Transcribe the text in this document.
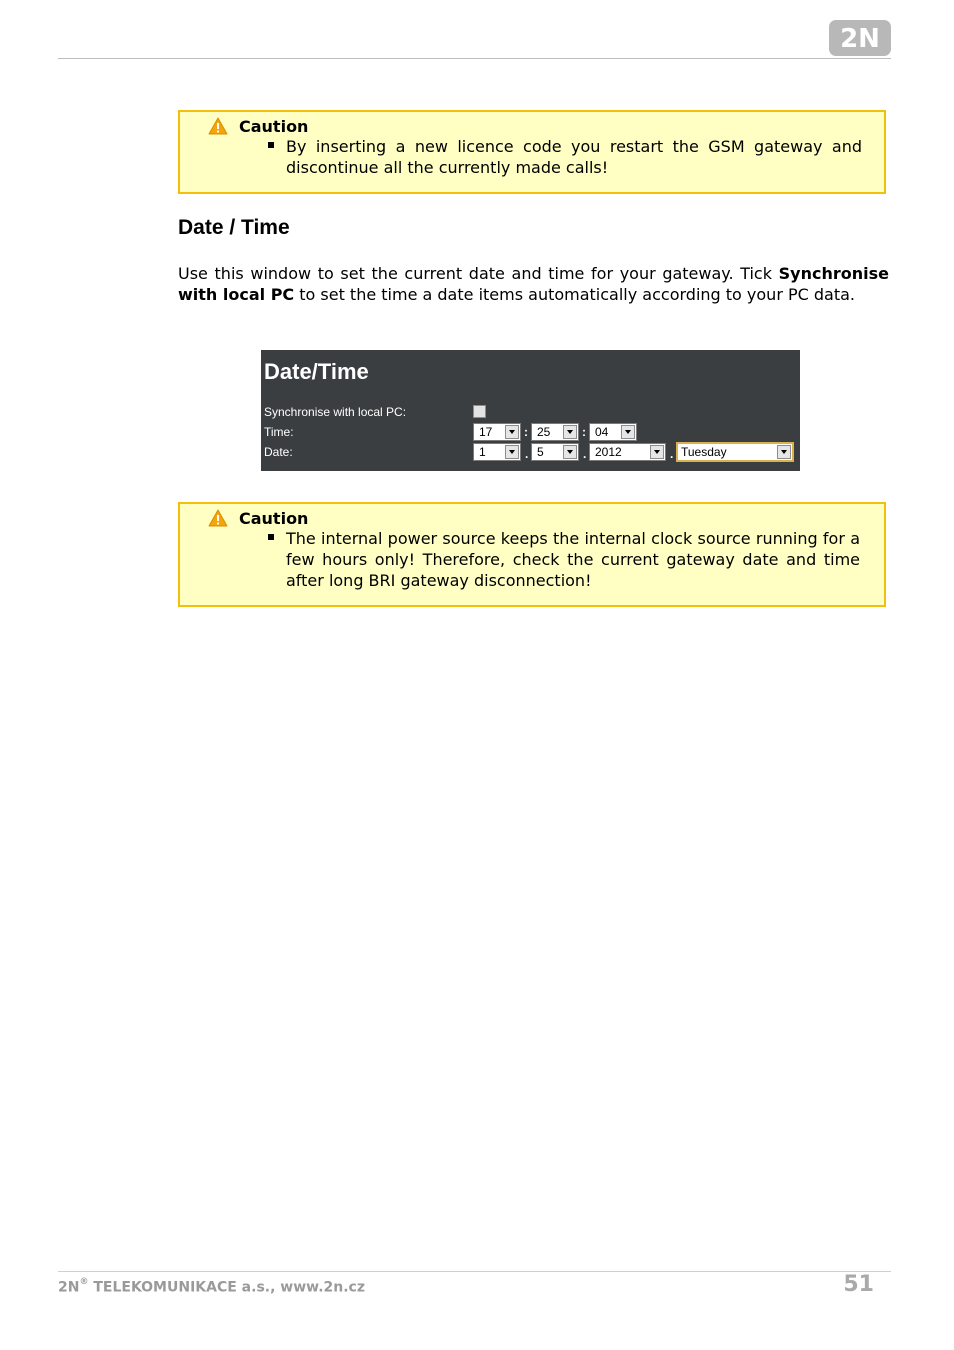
2N
Caution
By inserting a new licence code you restart the GSM gateway and discontinue all the currently made calls!
Date / Time
Use this window to set the current date and time for your gateway. Tick Synchronise with local PC to set the time a date items automatically according to your PC data.
Date/Time
Synchronise with local PC:
Time:	17	: 25	: 04
Date:	1	. 5	. 2012	. Tuesday
Caution
The internal power source keeps the internal clock source running for a few hours only! Therefore, check the current gateway date and time after long BRI gateway disconnection!
2N® TELEKOMUNIKACE a.s., www.2n.cz	51
